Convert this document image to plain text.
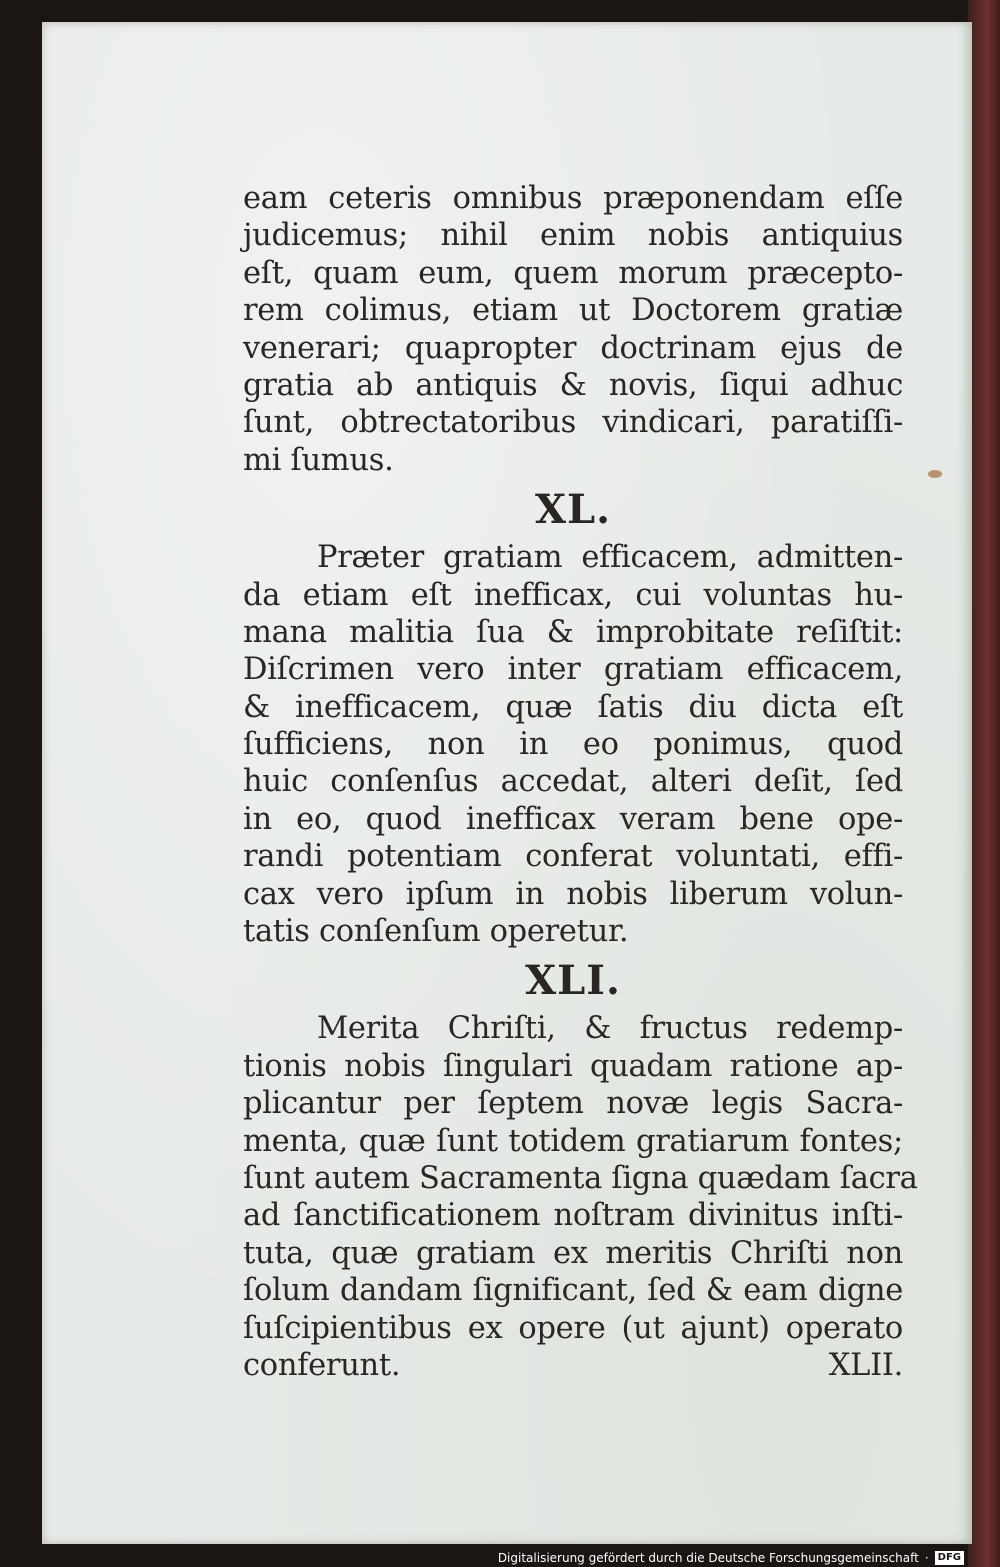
eam ceteris omnibus præponendam eſſe
judicemus; nihil enim nobis antiquius
eſt, quam eum, quem morum præcepto-
rem colimus, etiam ut Doctorem gratiæ
venerari; quapropter doctrinam ejus de
gratia ab antiquis & novis, ſiqui adhuc
ſunt, obtrectatoribus vindicari, paratiſſi-
mi ſumus.
XL.
Præter gratiam efficacem, admitten-
da etiam eſt inefficax, cui voluntas hu-
mana malitia ſua & improbitate reſiſtit:
Diſcrimen vero inter gratiam efficacem,
& inefficacem, quæ ſatis diu dicta eſt
ſufficiens, non in eo ponimus, quod
huic conſenſus accedat, alteri deſit, ſed
in eo, quod inefficax veram bene ope-
randi potentiam conferat voluntati, effi-
cax vero ipſum in nobis liberum volun-
tatis conſenſum operetur.
XLI.
Merita Chriſti, & fructus redemp-
tionis nobis ſingulari quadam ratione ap-
plicantur per ſeptem novæ legis Sacra-
menta, quæ ſunt totidem gratiarum fontes;
ſunt autem Sacramenta ſigna quædam ſacra
ad ſanctificationem noſtram divinitus inſti-
tuta, quæ gratiam ex meritis Chriſti non
ſolum dandam ſignificant, ſed & eam digne
ſuſcipientibus ex opere (ut ajunt) operato
conferunt.	XLII.
Digitalisierung gefördert durch die Deutsche Forschungsgemeinschaft · DFG
